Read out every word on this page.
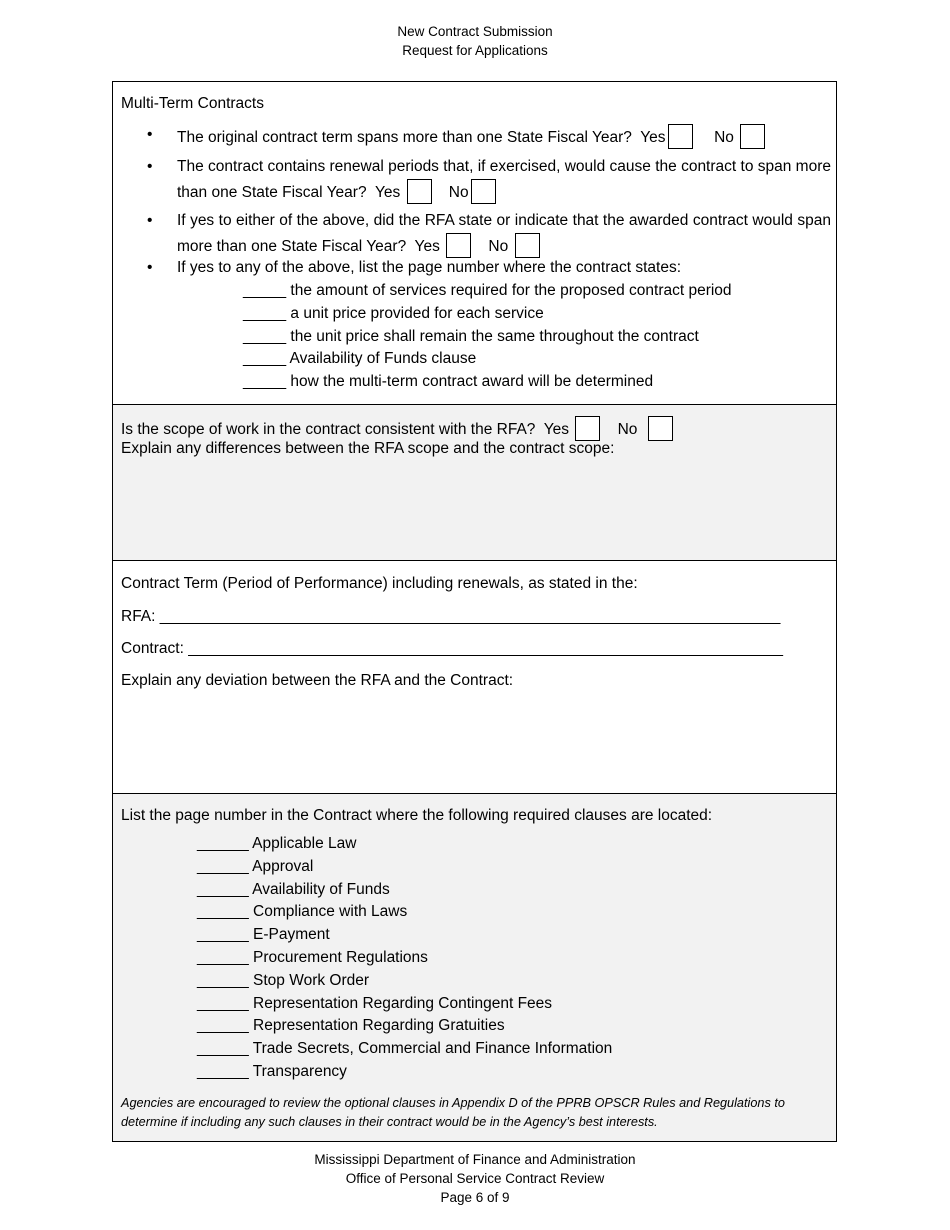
New Contract Submission
Request for Applications
Multi-Term Contracts
• The original contract term spans more than one State Fiscal Year? Yes	No
• The contract contains renewal periods that, if exercised, would cause the contract to span more than one State Fiscal Year? Yes	No
• If yes to either of the above, did the RFA state or indicate that the awarded contract would span more than one State Fiscal Year? Yes	No
• If yes to any of the above, list the page number where the contract states:
_____ the amount of services required for the proposed contract period
_____ a unit price provided for each service
_____ the unit price shall remain the same throughout the contract
_____ Availability of Funds clause
_____ how the multi-term contract award will be determined
Is the scope of work in the contract consistent with the RFA? Yes	No
Explain any differences between the RFA scope and the contract scope:
Contract Term (Period of Performance) including renewals, as stated in the:
RFA: ________________________________________________________________________
Contract: _____________________________________________________________________
Explain any deviation between the RFA and the Contract:
List the page number in the Contract where the following required clauses are located:
______ Applicable Law
______ Approval
______ Availability of Funds
______ Compliance with Laws
______ E-Payment
______ Procurement Regulations
______ Stop Work Order
______ Representation Regarding Contingent Fees
______ Representation Regarding Gratuities
______ Trade Secrets, Commercial and Finance Information
______ Transparency
Agencies are encouraged to review the optional clauses in Appendix D of the PPRB OPSCR Rules and Regulations to determine if including any such clauses in their contract would be in the Agency’s best interests.
Mississippi Department of Finance and Administration
Office of Personal Service Contract Review
Page 6 of 9
